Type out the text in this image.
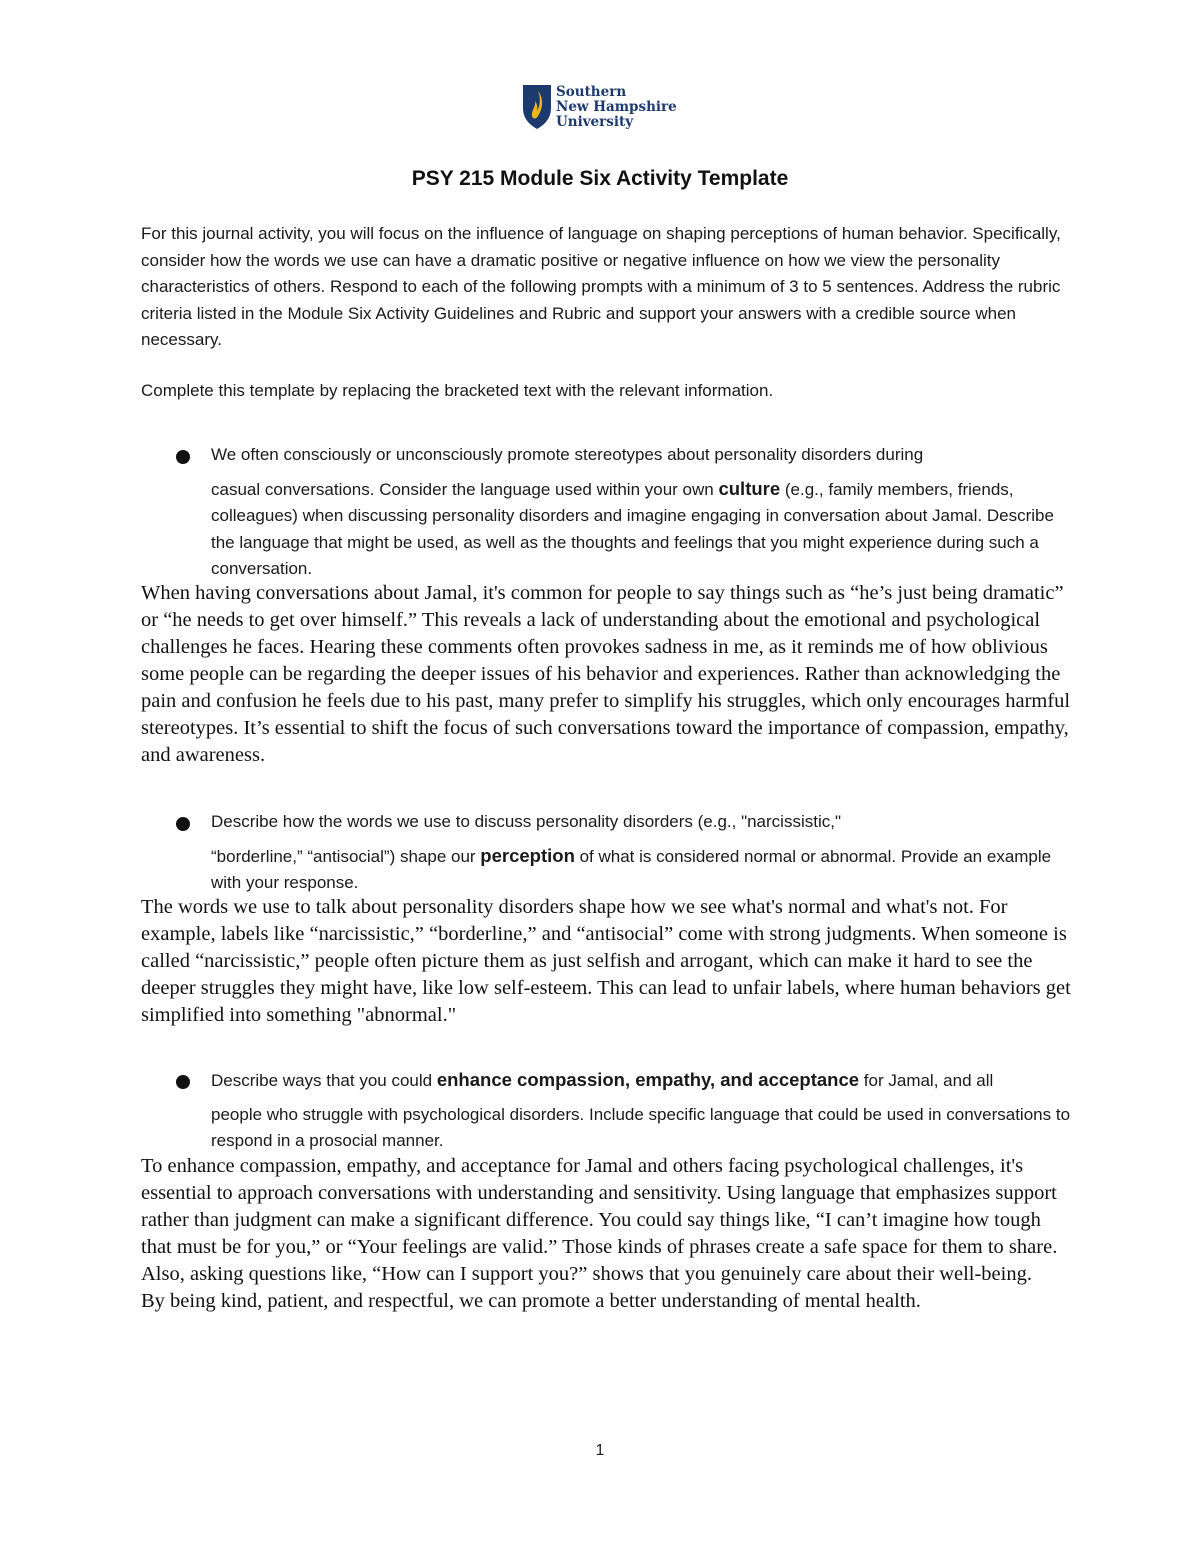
Southern
New Hampshire
University
PSY 215 Module Six Activity Template
For this journal activity, you will focus on the influence of language on shaping perceptions of human behavior. Specifically, consider how the words we use can have a dramatic positive or negative influence on how we view the personality characteristics of others. Respond to each of the following prompts with a minimum of 3 to 5 sentences. Address the rubric criteria listed in the Module Six Activity Guidelines and Rubric and support your answers with a credible source when necessary.
Complete this template by replacing the bracketed text with the relevant information.
We often consciously or unconsciously promote stereotypes about personality disorders during
casual conversations. Consider the language used within your own culture (e.g., family members, friends, colleagues) when discussing personality disorders and imagine engaging in conversation about Jamal. Describe the language that might be used, as well as the thoughts and feelings that you might experience during such a conversation.

When having conversations about Jamal, it's common for people to say things such as “he’s just being dramatic” or “he needs to get over himself.” This reveals a lack of understanding about the emotional and psychological challenges he faces. Hearing these comments often provokes sadness in me, as it reminds me of how oblivious some people can be regarding the deeper issues of his behavior and experiences. Rather than acknowledging the pain and confusion he feels due to his past, many prefer to simplify his struggles, which only encourages harmful stereotypes. It’s essential to shift the focus of such conversations toward the importance of compassion, empathy, and awareness.

Describe how the words we use to discuss personality disorders (e.g., "narcissistic,"
“borderline,” “antisocial”) shape our perception of what is considered normal or abnormal. Provide an example with your response.

The words we use to talk about personality disorders shape how we see what's normal and what's not. For example, labels like “narcissistic,” “borderline,” and “antisocial” come with strong judgments. When someone is called “narcissistic,” people often picture them as just selfish and arrogant, which can make it hard to see the deeper struggles they might have, like low self-esteem. This can lead to unfair labels, where human behaviors get simplified into something "abnormal."

Describe ways that you could enhance compassion, empathy, and acceptance for Jamal, and all
people who struggle with psychological disorders. Include specific language that could be used in conversations to respond in a prosocial manner.

To enhance compassion, empathy, and acceptance for Jamal and others facing psychological challenges, it's essential to approach conversations with understanding and sensitivity. Using language that emphasizes support rather than judgment can make a significant difference. You could say things like, “I can’t imagine how tough that must be for you,” or “Your feelings are valid.” Those kinds of phrases create a safe space for them to share. Also, asking questions like, “How can I support you?” shows that you genuinely care about their well-being.

By being kind, patient, and respectful, we can promote a better understanding of mental health.

1
